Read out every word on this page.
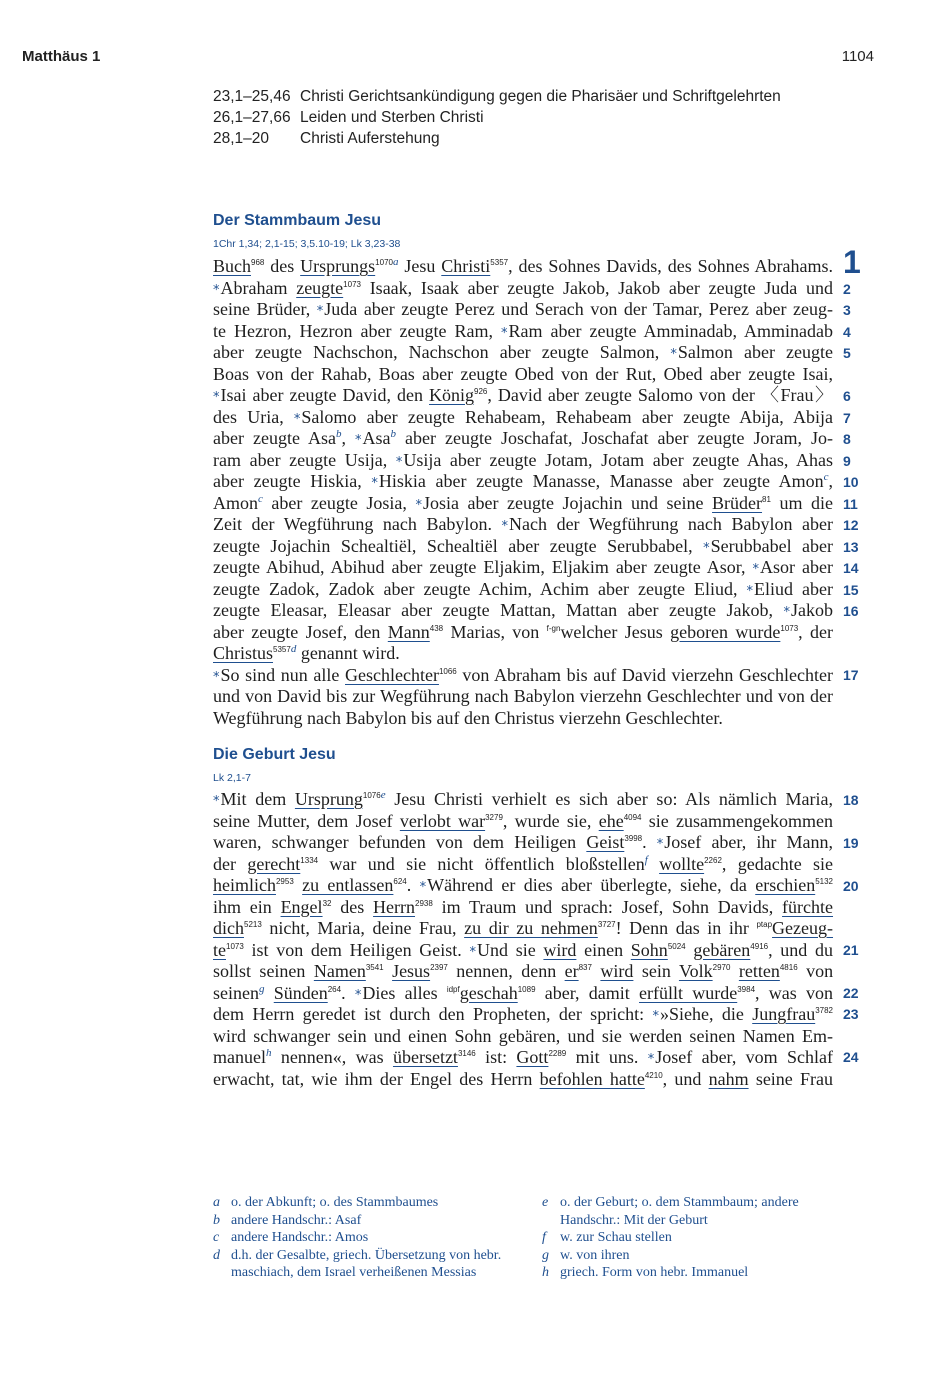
Matthäus 1	1104
23,1–25,46 Christi Gerichtsankündigung gegen die Pharisäer und Schriftgelehrten
26,1–27,66 Leiden und Sterben Christi
28,1–20	Christi Auferstehung
Der Stammbaum Jesu
1Chr 1,34; 2,1-15; 3,5.10-19; Lk 3,23-38
Buch$^{968}$ des Ursprungs$^{1070a}$ Jesu Christi$^{5357}$, des Sohnes Davids, des Sohnes Abrahams.
*Abraham zeugte$^{1073}$ Isaak, Isaak aber zeugte Jakob, Jakob aber zeugte Juda und
seine Brüder, *Juda aber zeugte Perez und Serach von der Tamar, Perez aber zeug-
te Hezron, Hezron aber zeugte Ram, *Ram aber zeugte Amminadab, Amminadab
aber zeugte Nachschon, Nachschon aber zeugte Salmon, *Salmon aber zeugte
Boas von der Rahab, Boas aber zeugte Obed von der Rut, Obed aber zeugte Isai,
*Isai aber zeugte David, den König$^{926}$, David aber zeugte Salomo von der 〈Frau〉
des Uria, *Salomo aber zeugte Rehabeam, Rehabeam aber zeugte Abija, Abija
aber zeugte Asa$^b$, *Asa$^b$ aber zeugte Joschafat, Joschafat aber zeugte Joram, Jo-
ram aber zeugte Usija, *Usija aber zeugte Jotam, Jotam aber zeugte Ahas, Ahas
aber zeugte Hiskia, *Hiskia aber zeugte Manasse, Manasse aber zeugte Amon$^c$,
Amon$^c$ aber zeugte Josia, *Josia aber zeugte Jojachin und seine Brüder$^{81}$ um die
Zeit der Wegführung nach Babylon. *Nach der Wegführung nach Babylon aber
zeugte Jojachin Schealtiël, Schealtiël aber zeugte Serubbabel, *Serubbabel aber
zeugte Abihud, Abihud aber zeugte Eljakim, Eljakim aber zeugte Asor, *Asor aber
zeugte Zadok, Zadok aber zeugte Achim, Achim aber zeugte Eliud, *Eliud aber
zeugte Eleasar, Eleasar aber zeugte Mattan, Mattan aber zeugte Jakob, *Jakob
aber zeugte Josef, den Mann$^{438}$ Marias, von $^{f-gn}$welcher Jesus geboren wurde$^{1073}$, der
Christus$^{5357d}$ genannt wird.
*So sind nun alle Geschlechter$^{1066}$ von Abraham bis auf David vierzehn Geschlechter
und von David bis zur Wegführung nach Babylon vierzehn Geschlechter und von der
Wegführung nach Babylon bis auf den Christus vierzehn Geschlechter.
1
2
3
4
5
6
7
8
9
10
11
12
13
14
15
16
17
Die Geburt Jesu
Lk 2,1-7
*Mit dem Ursprung$^{1076e}$ Jesu Christi verhielt es sich aber so: Als nämlich Maria,
seine Mutter, dem Josef verlobt war$^{3279}$, wurde sie, ehe$^{4094}$ sie zusammengekommen
waren, schwanger befunden von dem Heiligen Geist$^{3998}$. *Josef aber, ihr Mann,
der gerecht$^{1334}$ war und sie nicht öffentlich bloßstellen$^f$ wollte$^{2262}$, gedachte sie
heimlich$^{2953}$ zu entlassen$^{624}$. *Während er dies aber überlegte, siehe, da erschien$^{5132}$
ihm ein Engel$^{32}$ des Herrn$^{2938}$ im Traum und sprach: Josef, Sohn Davids, fürchte
dich$^{5213}$ nicht, Maria, deine Frau, zu dir zu nehmen$^{3727}$! Denn das in ihr $^{ptap}$Gezeug-
$te^{1073}$ ist von dem Heiligen Geist. *Und sie wird einen Sohn$^{5024}$ gebären$^{4916}$, und du
sollst seinen Namen$^{3541}$ Jesus$^{2397}$ nennen, denn $er^{837}$ wird sein Volk$^{2970}$ retten$^{4816}$ von
seinen$^g$ Sünden$^{264}$. *Dies alles $^{idpf}$geschah$^{1089}$ aber, damit erfüllt wurde$^{3984}$, was von
dem Herrn geredet ist durch den Propheten, der spricht: *»Siehe, die Jungfrau$^{3782}$
wird schwanger sein und einen Sohn gebären, und sie werden seinen Namen Em-
manuel$^h$ nennen«, was übersetzt$^{3146}$ ist: Gott$^{2289}$ mit uns. *Josef aber, vom Schlaf
erwacht, tat, wie ihm der Engel des Herrn befohlen hatte$^{4210}$, und nahm seine Frau
18
19
20
21
22
23
24
a o. der Abkunft; o. des Stammbaumes
b andere Handschr.: Asaf
c andere Handschr.: Amos
d d.h. der Gesalbte, griech. Übersetzung von hebr. maschiach, dem Israel verheißenen Messias
e o. der Geburt; o. dem Stammbaum; andere Handschr.: Mit der Geburt
f	w. zur Schau stellen
g w. von ihren
h griech. Form von hebr. Immanuel
